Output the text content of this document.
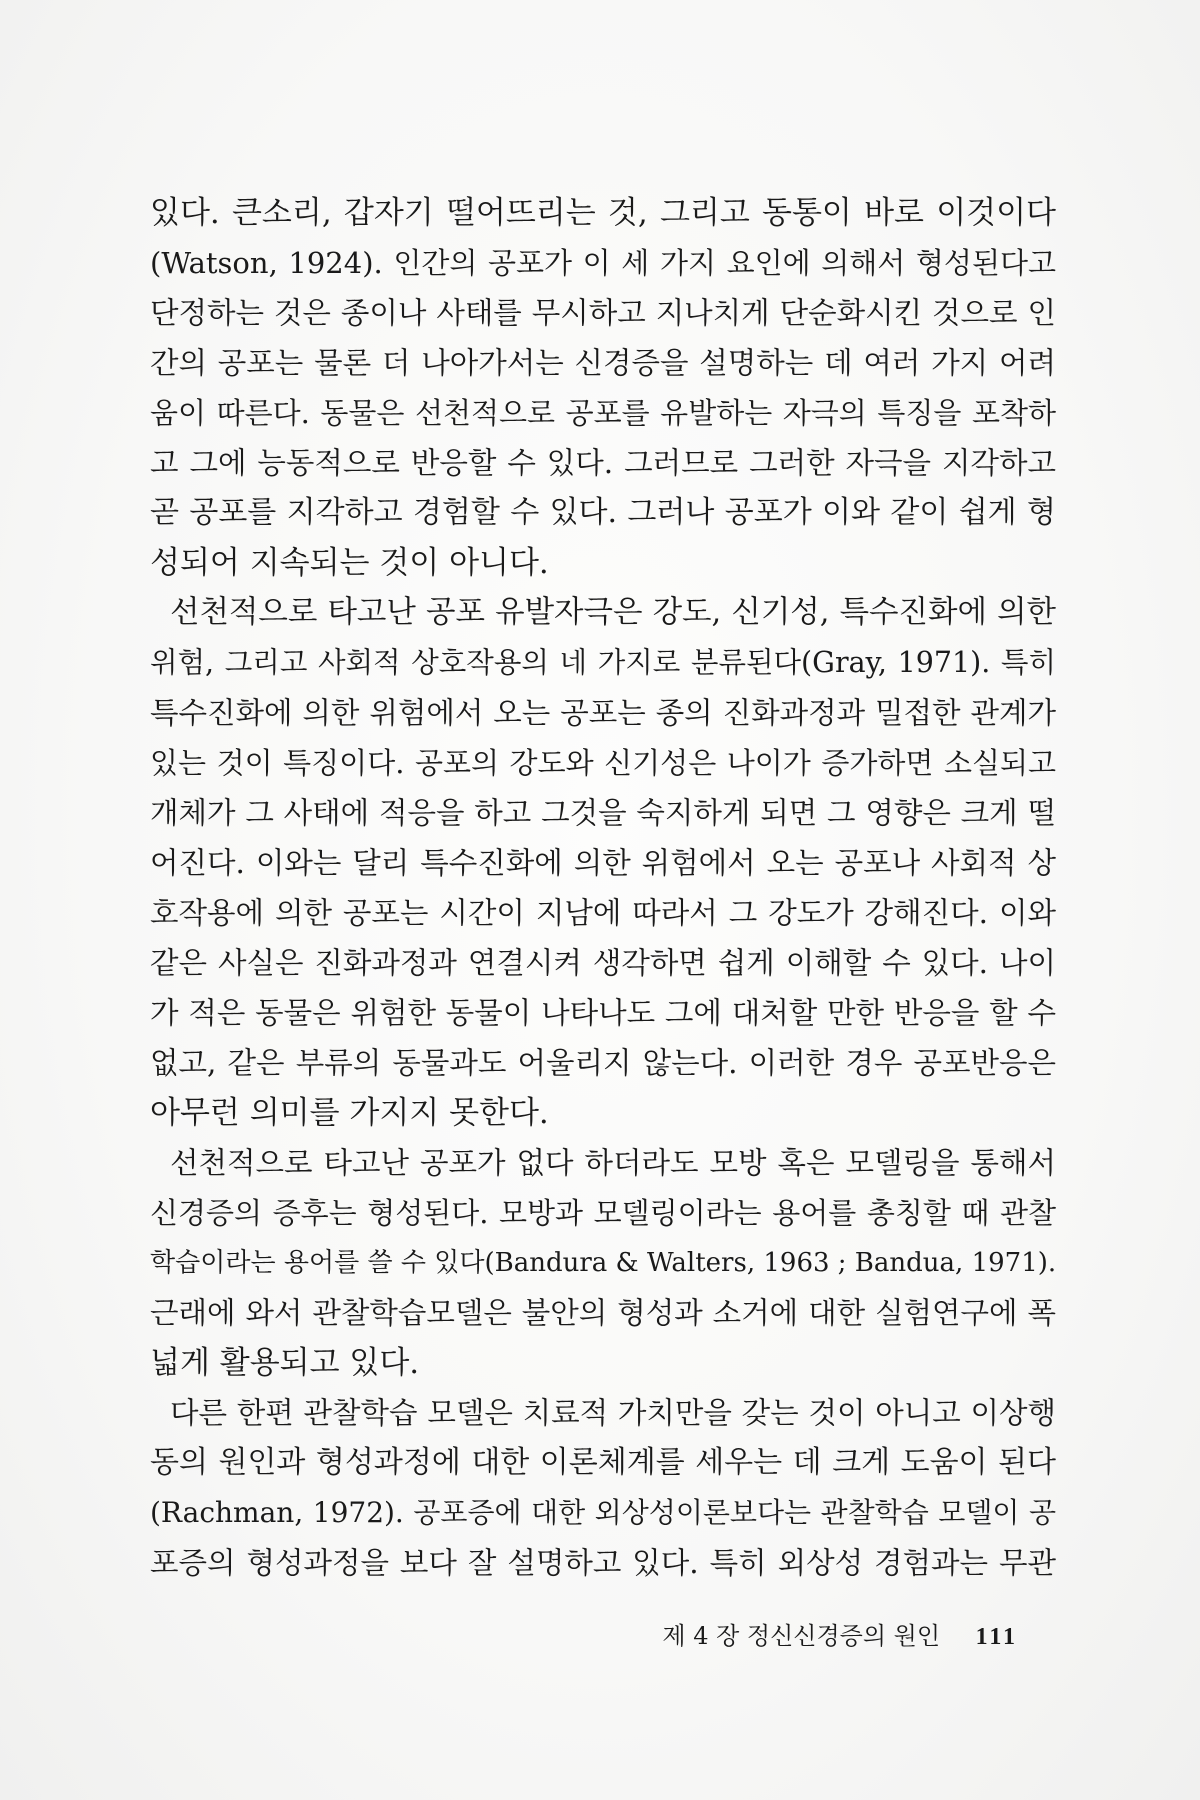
있다. 큰소리, 갑자기 떨어뜨리는 것, 그리고 동통이 바로 이것이다
(Watson, 1924). 인간의 공포가 이 세 가지 요인에 의해서 형성된다고
단정하는 것은 종이나 사태를 무시하고 지나치게 단순화시킨 것으로 인
간의 공포는 물론 더 나아가서는 신경증을 설명하는 데 여러 가지 어려
움이 따른다. 동물은 선천적으로 공포를 유발하는 자극의 특징을 포착하
고 그에 능동적으로 반응할 수 있다. 그러므로 그러한 자극을 지각하고
곧 공포를 지각하고 경험할 수 있다. 그러나 공포가 이와 같이 쉽게 형
성되어 지속되는 것이 아니다.
선천적으로 타고난 공포 유발자극은 강도, 신기성, 특수진화에 의한
위험, 그리고 사회적 상호작용의 네 가지로 분류된다(Gray, 1971). 특히
특수진화에 의한 위험에서 오는 공포는 종의 진화과정과 밀접한 관계가
있는 것이 특징이다. 공포의 강도와 신기성은 나이가 증가하면 소실되고
개체가 그 사태에 적응을 하고 그것을 숙지하게 되면 그 영향은 크게 떨
어진다. 이와는 달리 특수진화에 의한 위험에서 오는 공포나 사회적 상
호작용에 의한 공포는 시간이 지남에 따라서 그 강도가 강해진다. 이와
같은 사실은 진화과정과 연결시켜 생각하면 쉽게 이해할 수 있다. 나이
가 적은 동물은 위험한 동물이 나타나도 그에 대처할 만한 반응을 할 수
없고, 같은 부류의 동물과도 어울리지 않는다. 이러한 경우 공포반응은
아무런 의미를 가지지 못한다.
선천적으로 타고난 공포가 없다 하더라도 모방 혹은 모델링을 통해서
신경증의 증후는 형성된다. 모방과 모델링이라는 용어를 총칭할 때 관찰
학습이라는 용어를 쓸 수 있다(Bandura & Walters, 1963 ; Bandua, 1971).
근래에 와서 관찰학습모델은 불안의 형성과 소거에 대한 실험연구에 폭
넓게 활용되고 있다.
다른 한편 관찰학습 모델은 치료적 가치만을 갖는 것이 아니고 이상행
동의 원인과 형성과정에 대한 이론체계를 세우는 데 크게 도움이 된다
(Rachman, 1972). 공포증에 대한 외상성이론보다는 관찰학습 모델이 공
포증의 형성과정을 보다 잘 설명하고 있다. 특히 외상성 경험과는 무관
제 4 장 정신신경증의 원인 111
